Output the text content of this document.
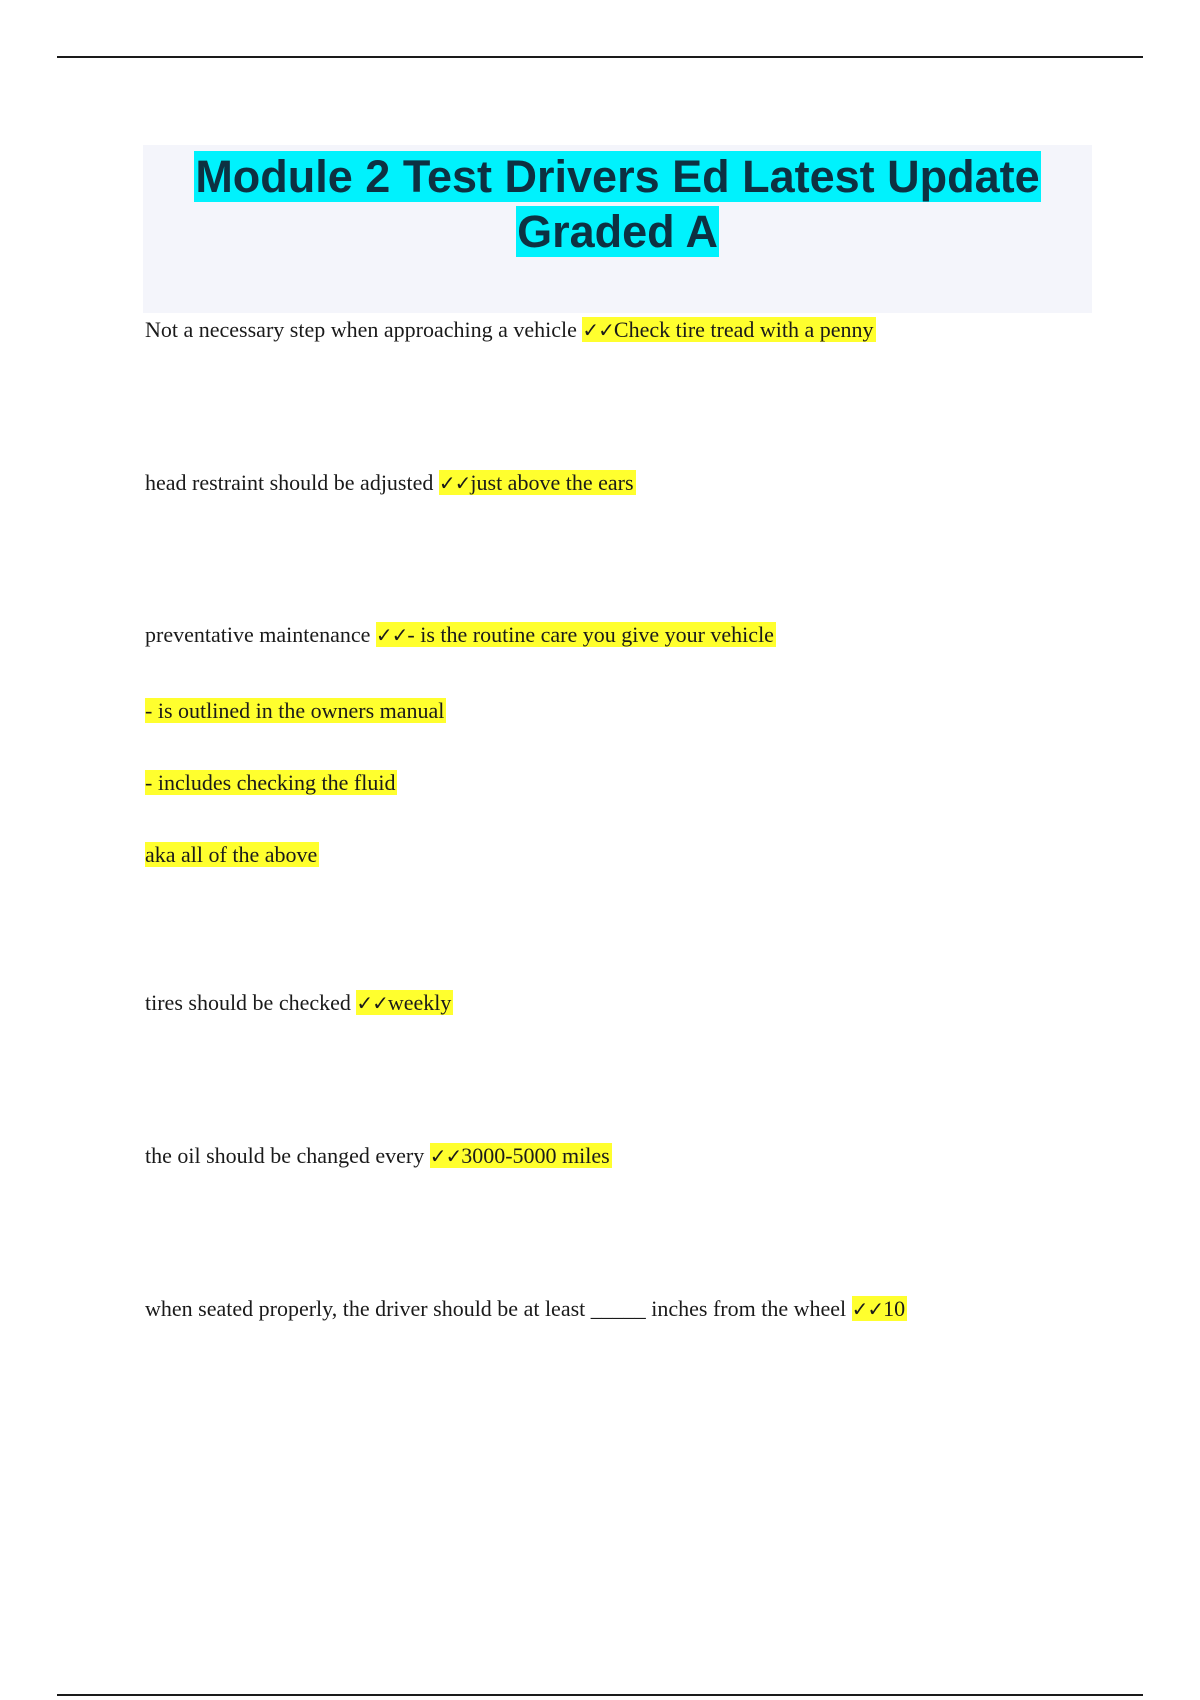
Module 2 Test Drivers Ed Latest Update
Graded A
Not a necessary step when approaching a vehicle ✓✓Check tire tread with a penny
head restraint should be adjusted ✓✓just above the ears
preventative maintenance ✓✓- is the routine care you give your vehicle
- is outlined in the owners manual
- includes checking the fluid
aka all of the above
tires should be checked ✓✓weekly
the oil should be changed every ✓✓3000-5000 miles
when seated properly, the driver should be at least _____ inches from the wheel ✓✓10
